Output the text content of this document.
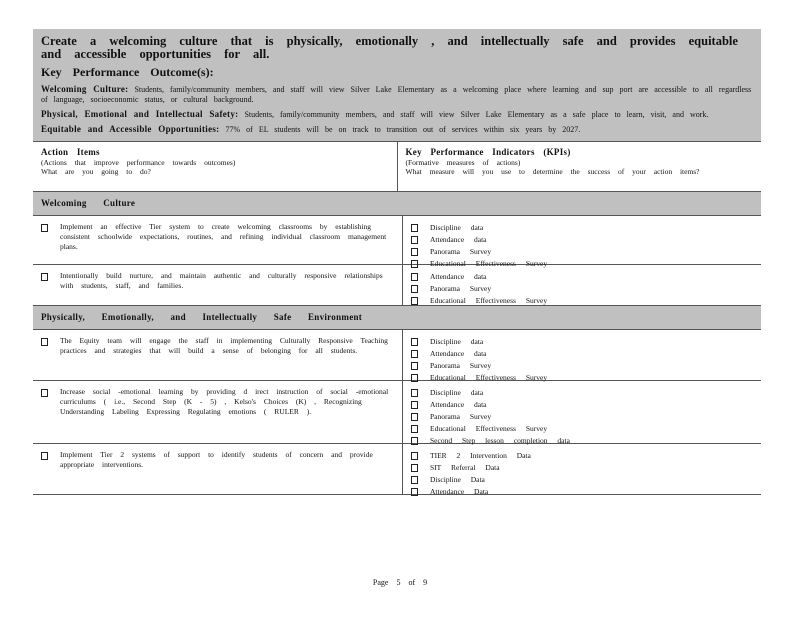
Create a welcoming culture that is physically, emotionally , and intellectually safe and provides equitable and accessible opportunities for all.
Key Performance Outcome(s):
Welcoming Culture: Students, family/community members, and staff will view Silver Lake Elementary as a welcoming place where learning and sup port are accessible to all regardless of language, socioeconomic status, or cultural background.
Physical, Emotional and Intellectual Safety: Students, family/community members, and staff will view Silver Lake Elementary as a safe place to learn, visit, and work.
Equitable and Accessible Opportunities: 77% of EL students will be on track to transition out of services within six years by 2027.
Action Items
(Actions that improve performance towards outcomes)
What are you going to do?
Key Performance Indicators (KPIs)
(Formative measures of actions)
What measure will you use to determine the success of your action items?
Welcoming Culture
Implement an effective Tier system to create welcoming classrooms by establishing consistent schoolwide expectations, routines, and refining individual classroom management plans.
Discipline data
Attendance data
Panorama Survey
Educational Effectiveness Survey
Intentionally build nurture, and maintain authentic and culturally responsive relationships with students, staff, and families.
Attendance data
Panorama Survey
Educational Effectiveness Survey
Physically, Emotionally, and Intellectually Safe Environment
The Equity team will engage the staff in implementing Culturally Responsive Teaching practices and strategies that will build a sense of belonging for all students.
Discipline data
Attendance data
Panorama Survey
Educational Effectiveness Survey
Increase social -emotional learning by providing d irect instruction of social -emotional curriculums ( i.e., Second Step (K - 5) , Kelso's Choices (K) , Recognizing Understanding Labeling Expressing Regulating emotions ( RULER ).
Discipline data
Attendance data
Panorama Survey
Educational Effectiveness Survey
Second Step lesson completion data
Implement Tier 2 systems of support to identify students of concern and provide appropriate interventions.
TIER 2 Intervention Data
SIT Referral Data
Discipline Data
Attendance Data
Page 5 of 9
